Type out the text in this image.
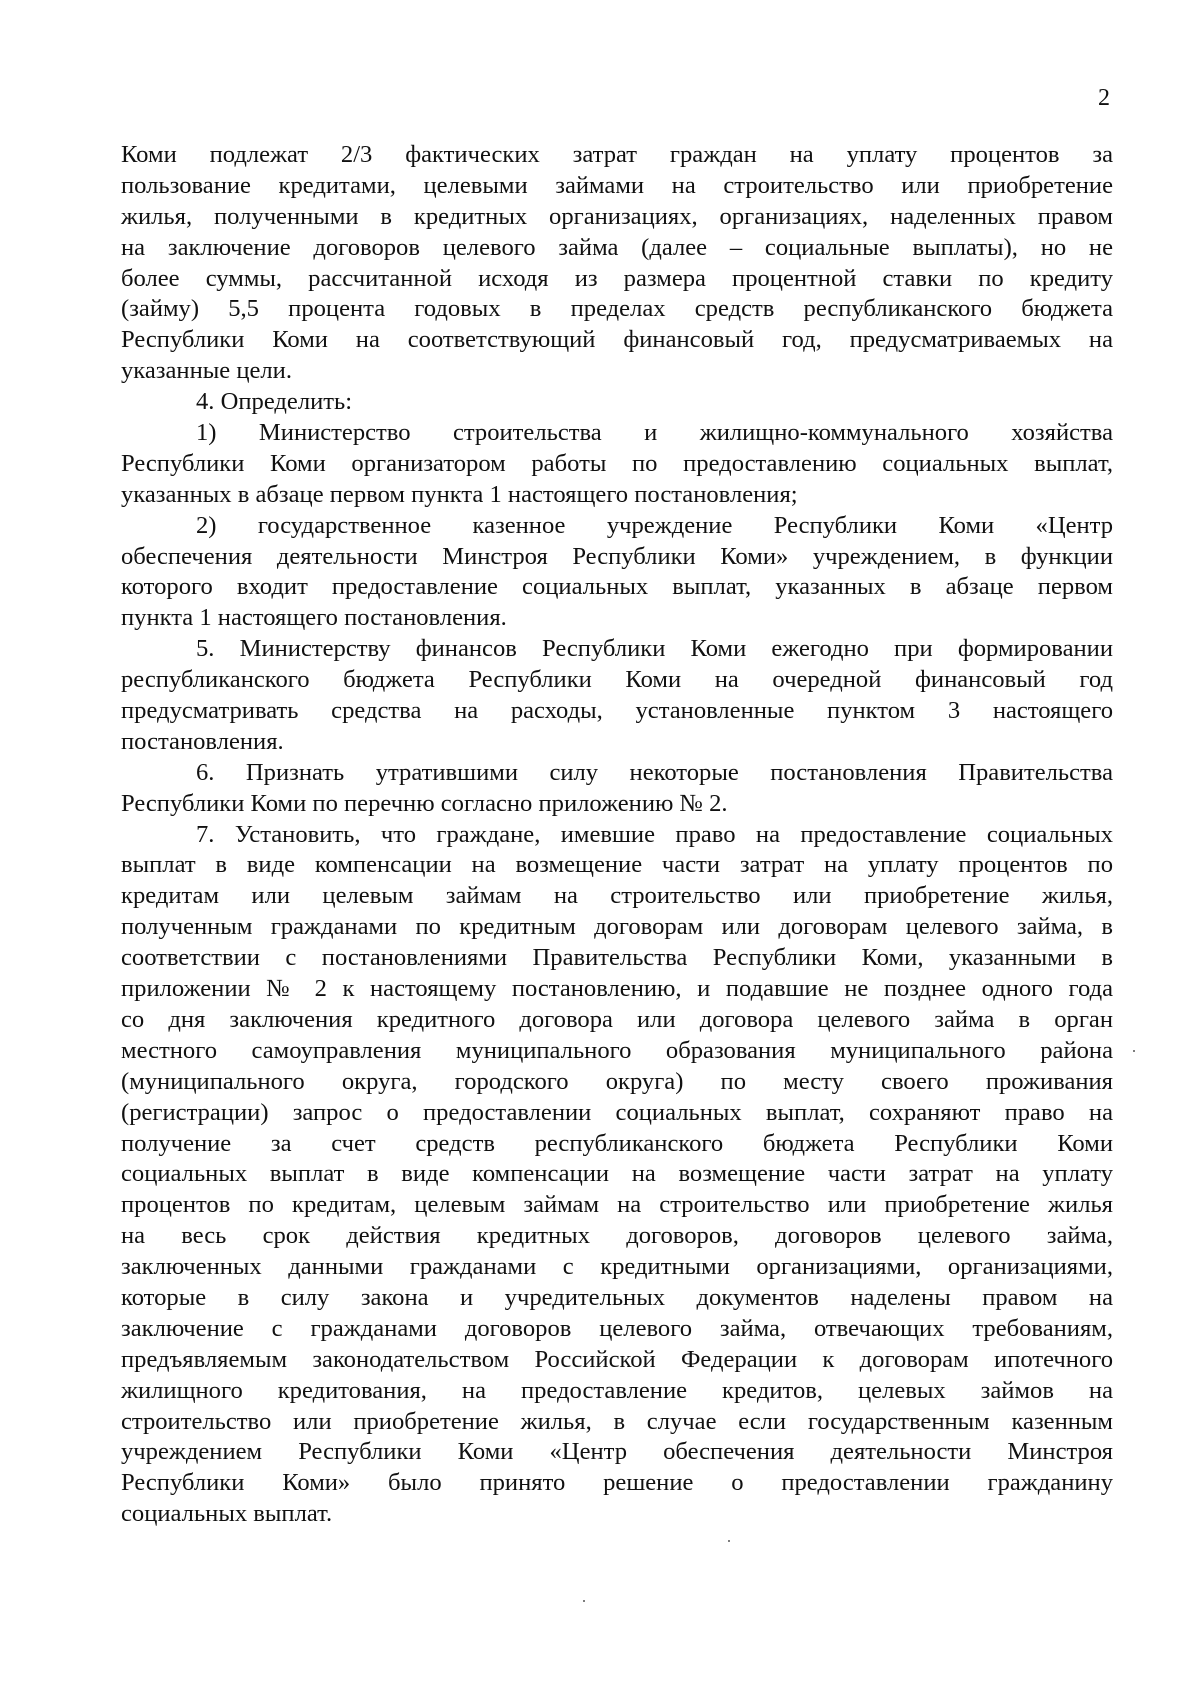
2
Коми подлежат 2/3 фактических затрат граждан на уплату процентов за
пользование кредитами, целевыми займами на строительство или приобретение
жилья, полученными в кредитных организациях, организациях, наделенных правом
на заключение договоров целевого займа (далее – социальные выплаты), но не
более суммы, рассчитанной исходя из размера процентной ставки по кредиту
(займу) 5,5 процента годовых в пределах средств республиканского бюджета
Республики Коми на соответствующий финансовый год, предусматриваемых на
указанные цели.
4. Определить:
1) Министерство строительства и жилищно-коммунального хозяйства
Республики Коми организатором работы по предоставлению социальных выплат,
указанных в абзаце первом пункта 1 настоящего постановления;
2) государственное казенное учреждение Республики Коми «Центр
обеспечения деятельности Минстроя Республики Коми» учреждением, в функции
которого входит предоставление социальных выплат, указанных в абзаце первом
пункта 1 настоящего постановления.
5. Министерству финансов Республики Коми ежегодно при формировании
республиканского бюджета Республики Коми на очередной финансовый год
предусматривать средства на расходы, установленные пунктом 3 настоящего
постановления.
6. Признать утратившими силу некоторые постановления Правительства
Республики Коми по перечню согласно приложению № 2.
7. Установить, что граждане, имевшие право на предоставление социальных
выплат в виде компенсации на возмещение части затрат на уплату процентов по
кредитам или целевым займам на строительство или приобретение жилья,
полученным гражданами по кредитным договорам или договорам целевого займа, в
соответствии с постановлениями Правительства Республики Коми, указанными в
приложении № 2 к настоящему постановлению, и подавшие не позднее одного года
со дня заключения кредитного договора или договора целевого займа в орган
местного самоуправления муниципального образования муниципального района
(муниципального округа, городского округа) по месту своего проживания
(регистрации) запрос о предоставлении социальных выплат, сохраняют право на
получение за счет средств республиканского бюджета Республики Коми
социальных выплат в виде компенсации на возмещение части затрат на уплату
процентов по кредитам, целевым займам на строительство или приобретение жилья
на весь срок действия кредитных договоров, договоров целевого займа,
заключенных данными гражданами с кредитными организациями, организациями,
которые в силу закона и учредительных документов наделены правом на
заключение с гражданами договоров целевого займа, отвечающих требованиям,
предъявляемым законодательством Российской Федерации к договорам ипотечного
жилищного кредитования, на предоставление кредитов, целевых займов на
строительство или приобретение жилья, в случае если государственным казенным
учреждением Республики Коми «Центр обеспечения деятельности Минстроя
Республики Коми» было принято решение о предоставлении гражданину
социальных выплат.
